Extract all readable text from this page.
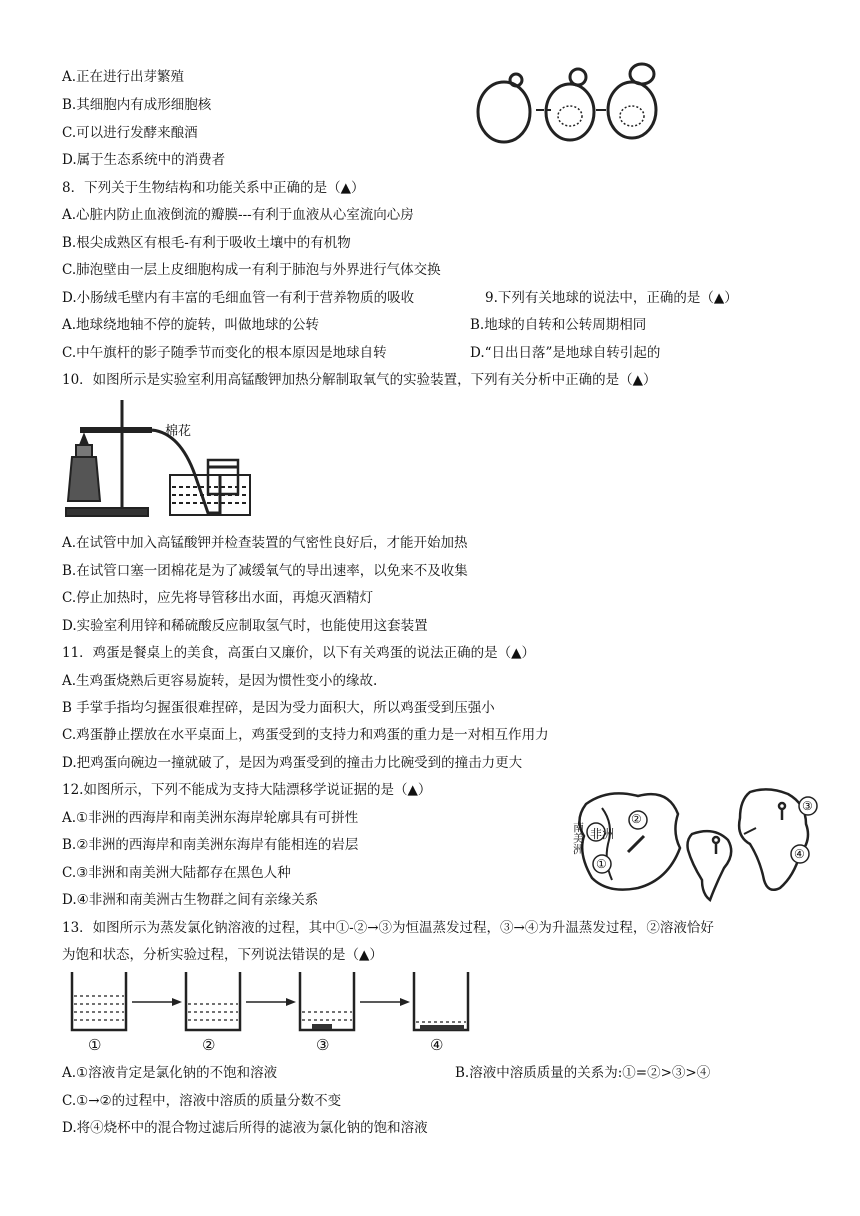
A.正在进行出芽繁殖
B.其细胞内有成形细胞核
C.可以进行发酵来酿酒
D.属于生态系统中的消费者
8．下列关于生物结构和功能关系中正确的是（▲）
A.心脏内防止血液倒流的瓣膜---有利于血液从心室流向心房
B.根尖成熟区有根毛-有利于吸收土壤中的有机物
C.肺泡壁由一层上皮细胞构成一有利于肺泡与外界进行气体交换
D.小肠绒毛壁内有丰富的毛细血管一有利于营养物质的吸收	9.下列有关地球的说法中，正确的是（▲）
A.地球绕地轴不停的旋转，叫做地球的公转	B.地球的自转和公转周期相同
C.中午旗杆的影子随季节而变化的根本原因是地球自转	D.“日出日落”是地球自转引起的
10．如图所示是实验室利用高锰酸钾加热分解制取氧气的实验装置，下列有关分析中正确的是（▲）
棉花
A.在试管中加入高锰酸钾并检查装置的气密性良好后，才能开始加热
B.在试管口塞一团棉花是为了减缓氧气的导出速率，以免来不及收集
C.停止加热时，应先将导管移出水面，再熄灭酒精灯
D.实验室利用锌和稀硫酸反应制取氢气时，也能使用这套装置
11．鸡蛋是餐桌上的美食，高蛋白又廉价，以下有关鸡蛋的说法正确的是（▲）
A.生鸡蛋烧熟后更容易旋转，是因为惯性变小的缘故.
B 手掌手指均匀握蛋很难捏碎，是因为受力面积大，所以鸡蛋受到压强小
C.鸡蛋静止摆放在水平桌面上，鸡蛋受到的支持力和鸡蛋的重力是一对相互作用力
D.把鸡蛋向碗边一撞就破了，是因为鸡蛋受到的撞击力比碗受到的撞击力更大
12.如图所示，下列不能成为支持大陆漂移学说证据的是（▲）
非洲
南美洲
②
①
③
④
A.①非洲的西海岸和南美洲东海岸轮廓具有可拼性
B.②非洲的西海岸和南美洲东海岸有能相连的岩层
C.③非洲和南美洲大陆都存在黑色人种
D.④非洲和南美洲古生物群之间有亲缘关系
13．如图所示为蒸发氯化钠溶液的过程，其中①-②→③为恒温蒸发过程，③→④为升温蒸发过程，②溶液恰好
为饱和状态，分析实验过程，下列说法错误的是（▲）
①	②	③	④
A.①溶液肯定是氯化钠的不饱和溶液	B.溶液中溶质质量的关系为:①=②>③>④
C.①→②的过程中，溶液中溶质的质量分数不变
D.将④烧杯中的混合物过滤后所得的滤液为氯化钠的饱和溶液
